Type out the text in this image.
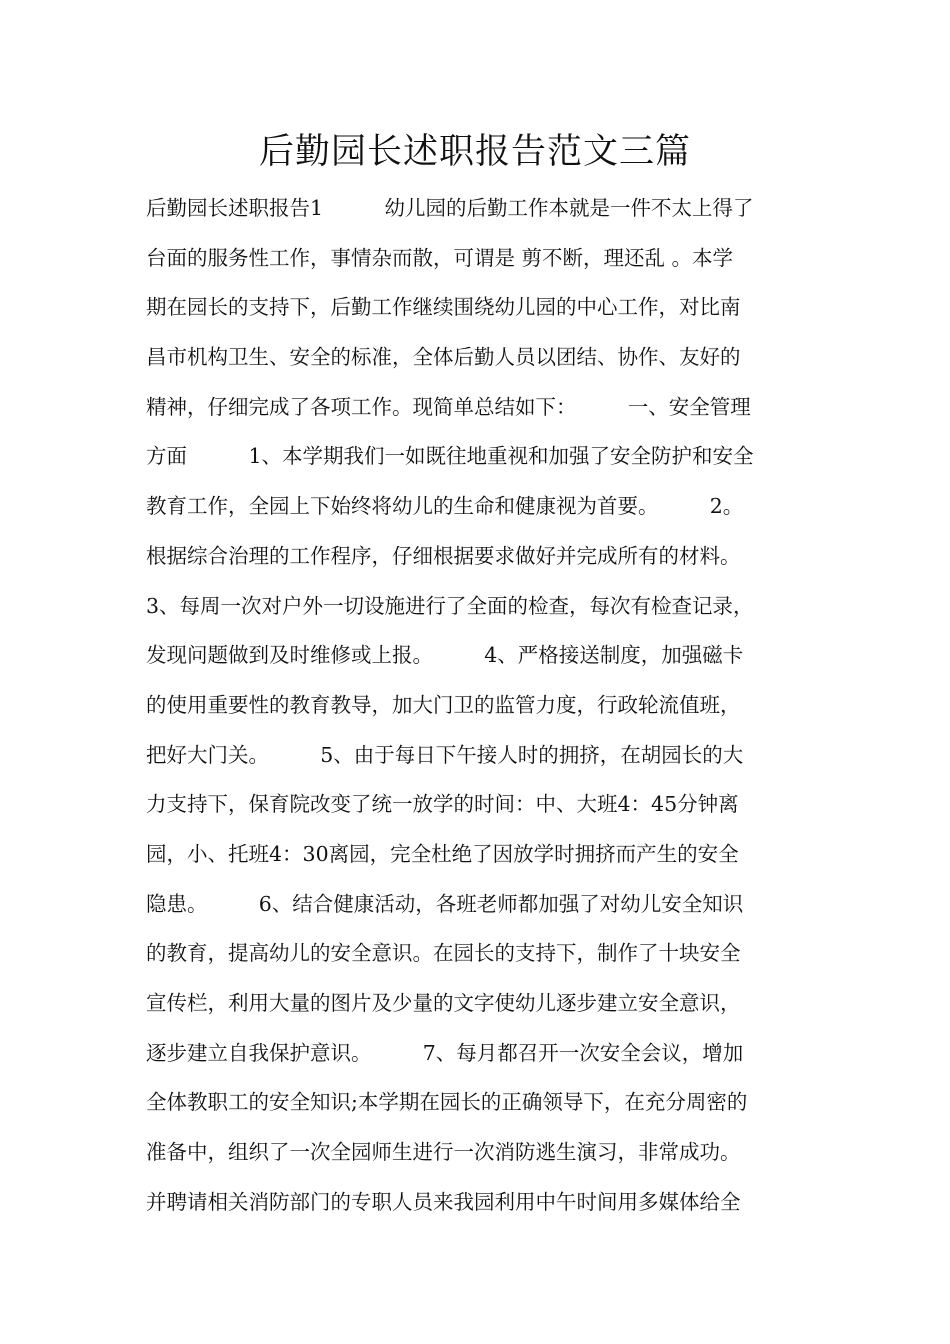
后勤园长述职报告范文三篇
后勤园长述职报告1　　　幼儿园的后勤工作本就是一件不太上得了
台面的服务性工作，事情杂而散，可谓是 剪不断，理还乱 。本学
期在园长的支持下，后勤工作继续围绕幼儿园的中心工作，对比南
昌市机构卫生、安全的标准，全体后勤人员以团结、协作、友好的
精神，仔细完成了各项工作。现简单总结如下：　　　一、安全管理
方面　　　1、本学期我们一如既往地重视和加强了安全防护和安全
教育工作，全园上下始终将幼儿的生命和健康视为首要。　　　2。
根据综合治理的工作程序，仔细根据要求做好并完成所有的材料。
3、每周一次对户外一切设施进行了全面的检查，每次有检查记录，
发现问题做到及时维修或上报。　　　4、严格接送制度，加强磁卡
的使用重要性的教育教导，加大门卫的监管力度，行政轮流值班，
把好大门关。　　　5、由于每日下午接人时的拥挤，在胡园长的大
力支持下，保育院改变了统一放学的时间：中、大班4：45分钟离
园，小、托班4：30离园，完全杜绝了因放学时拥挤而产生的安全
隐患。　　　6、结合健康活动，各班老师都加强了对幼儿安全知识
的教育，提高幼儿的安全意识。在园长的支持下，制作了十块安全
宣传栏，利用大量的图片及少量的文字使幼儿逐步建立安全意识，
逐步建立自我保护意识。　　　7、每月都召开一次安全会议，增加
全体教职工的安全知识;本学期在园长的正确领导下，在充分周密的
准备中，组织了一次全园师生进行一次消防逃生演习，非常成功。
并聘请相关消防部门的专职人员来我园利用中午时间用多媒体给全
